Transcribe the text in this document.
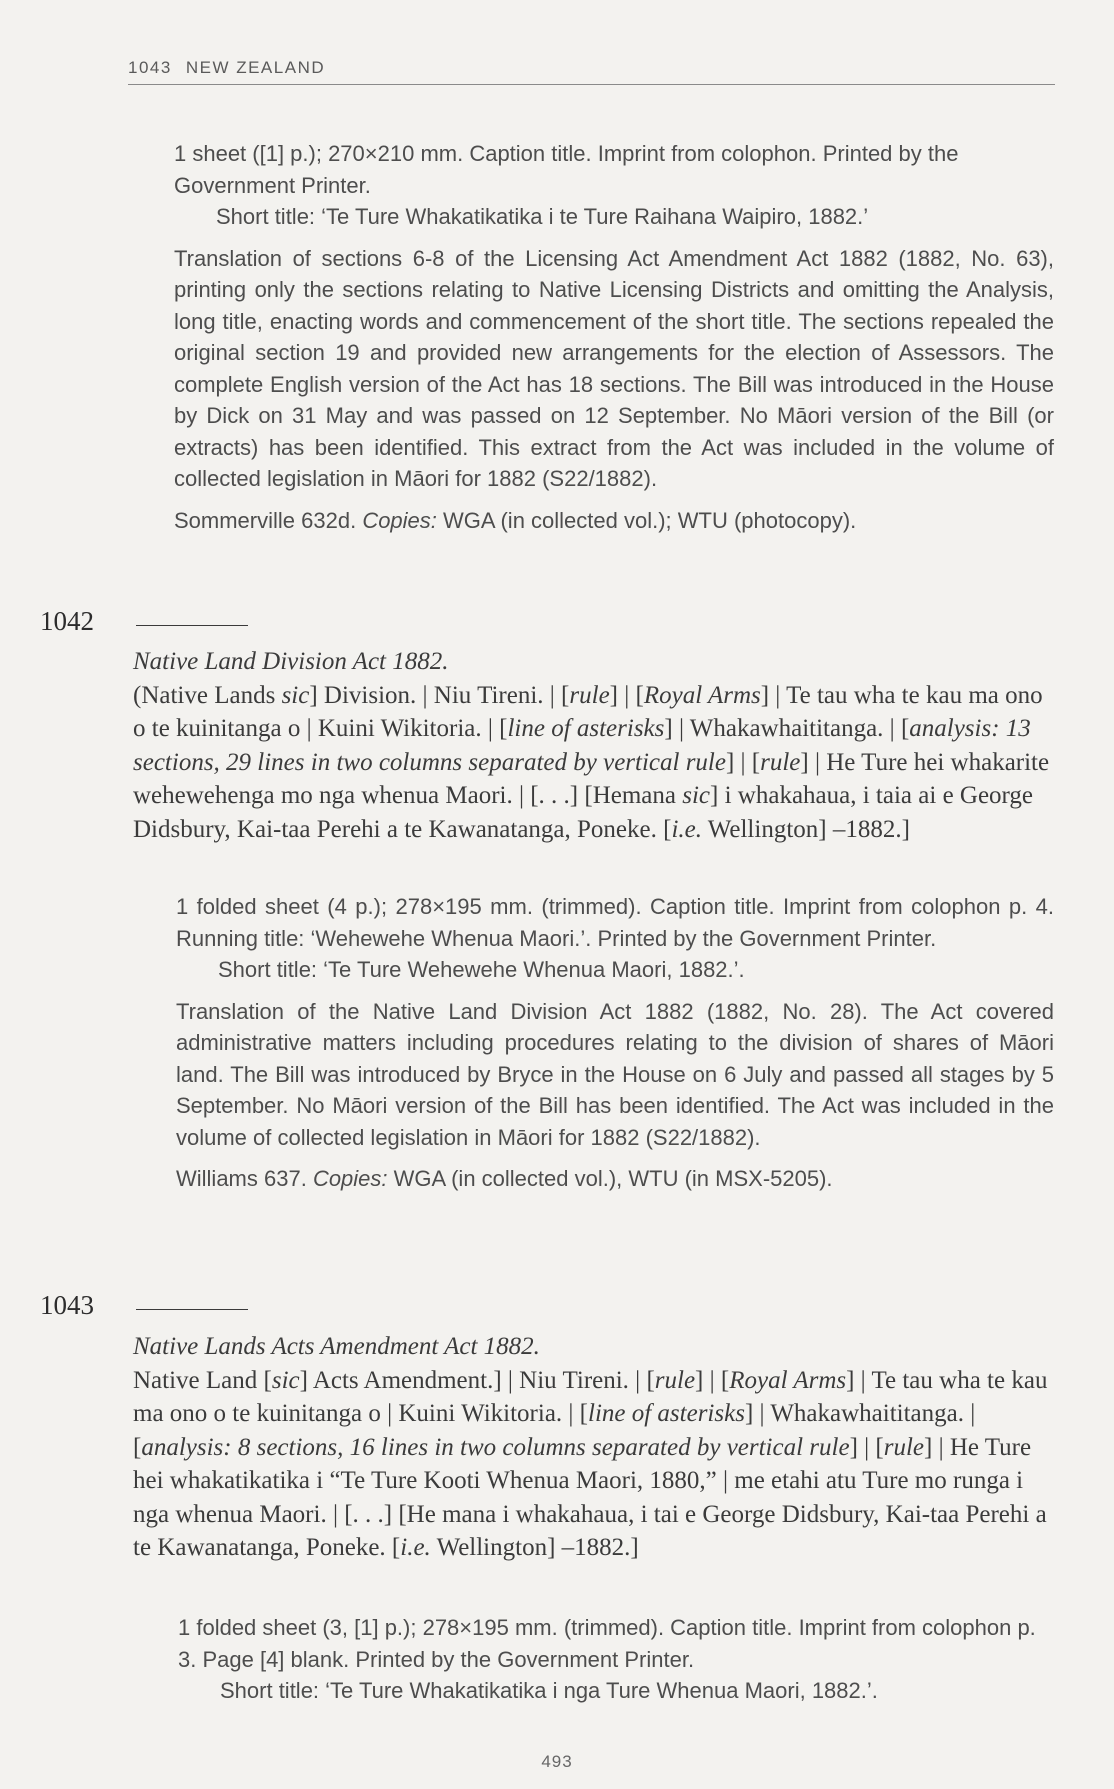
1043 NEW ZEALAND

1 sheet ([1] p.); 270×210 mm. Caption title. Imprint from colophon. Printed by the Government Printer.

Short title: ‘Te Ture Whakatikatika i te Ture Raihana Waipiro, 1882.’

Translation of sections 6-8 of the Licensing Act Amendment Act 1882 (1882, No. 63), printing only the sections relating to Native Licensing Districts and omitting the Analysis, long title, enacting words and commencement of the short title. The sections repealed the original section 19 and provided new arrangements for the election of Assessors. The complete English version of the Act has 18 sections. The Bill was introduced in the House by Dick on 31 May and was passed on 12 September. No Māori version of the Bill (or extracts) has been identified. This extract from the Act was included in the volume of collected legislation in Māori for 1882 (S22/1882).

Sommerville 632d. Copies: WGA (in collected vol.); WTU (photocopy).

1042

Native Land Division Act 1882.

(Native Lands sic] Division. | Niu Tireni. | [rule] | [Royal Arms] | Te tau wha te kau ma ono o te kuinitanga o | Kuini Wikitoria. | [line of asterisks] | Whakawhaititanga. | [analysis: 13 sections, 29 lines in two columns separated by vertical rule] | [rule] | He Ture hei whakarite wehewehenga mo nga whenua Maori. | [. . .] [Hemana sic] i whakahaua, i taia ai e George Didsbury, Kai-taa Perehi a te Kawanatanga, Poneke. [i.e. Wellington] –1882.]

1 folded sheet (4 p.); 278×195 mm. (trimmed). Caption title. Imprint from colophon p. 4. Running title: ‘Wehewehe Whenua Maori.’. Printed by the Government Printer.

Short title: ‘Te Ture Wehewehe Whenua Maori, 1882.’.

Translation of the Native Land Division Act 1882 (1882, No. 28). The Act covered administrative matters including procedures relating to the division of shares of Māori land. The Bill was introduced by Bryce in the House on 6 July and passed all stages by 5 September. No Māori version of the Bill has been identified. The Act was included in the volume of collected legislation in Māori for 1882 (S22/1882).

Williams 637. Copies: WGA (in collected vol.), WTU (in MSX-5205).

1043

Native Lands Acts Amendment Act 1882.

Native Land [sic] Acts Amendment.] | Niu Tireni. | [rule] | [Royal Arms] | Te tau wha te kau ma ono o te kuinitanga o | Kuini Wikitoria. | [line of asterisks] | Whakawhaititanga. | [analysis: 8 sections, 16 lines in two columns separated by vertical rule] | [rule] | He Ture hei whakatikatika i “Te Ture Kooti Whenua Maori, 1880,” | me etahi atu Ture mo runga i nga whenua Maori. | [. . .] [He mana i whakahaua, i tai e George Didsbury, Kai-taa Perehi a te Kawanatanga, Poneke. [i.e. Wellington] –1882.]

1 folded sheet (3, [1] p.); 278×195 mm. (trimmed). Caption title. Imprint from colophon p. 3. Page [4] blank. Printed by the Government Printer.

Short title: ‘Te Ture Whakatikatika i nga Ture Whenua Maori, 1882.’.

493
